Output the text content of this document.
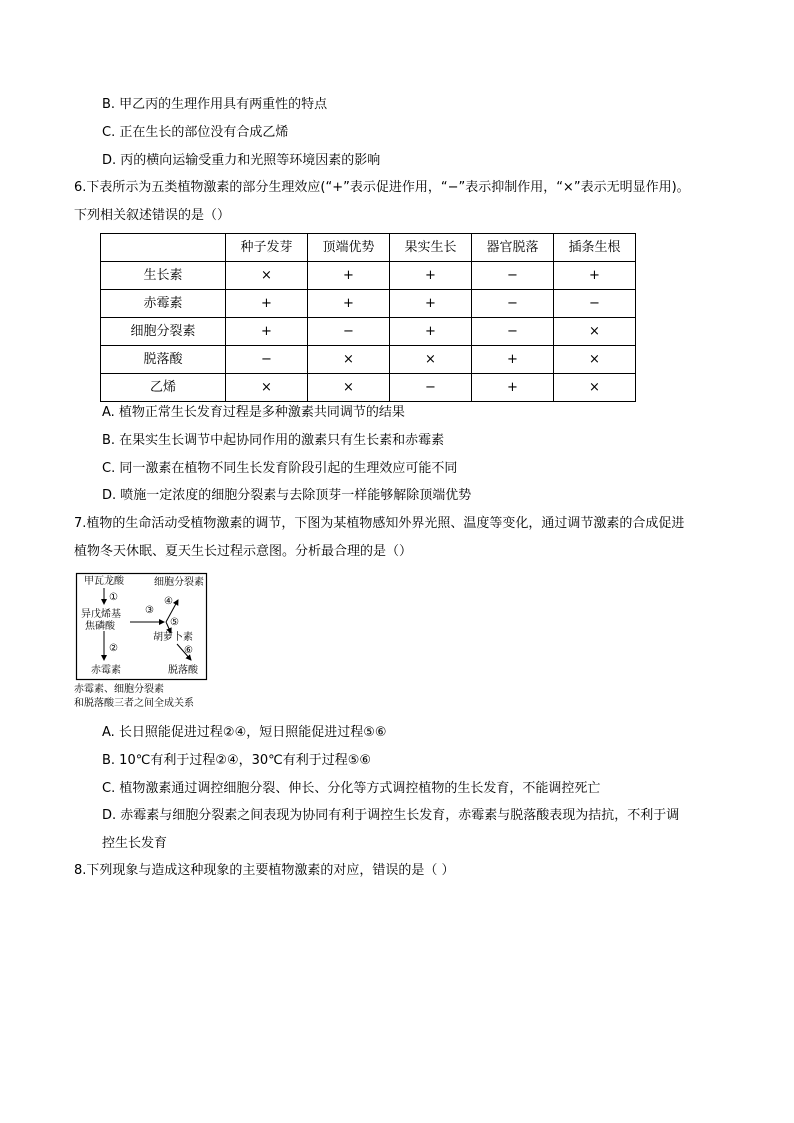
B. 甲乙丙的生理作用具有两重性的特点
C. 正在生长的部位没有合成乙烯
D. 丙的横向运输受重力和光照等环境因素的影响
6.下表所示为五类植物激素的部分生理效应(“+”表示促进作用，“−”表示抑制作用，“×”表示无明显作用)。
下列相关叙述错误的是（）
	种子发芽	顶端优势	果实生长	器官脱落	插条生根
生长素	×	+	+	−	+
赤霉素	+	+	+	−	−
细胞分裂素	+	−	+	−	×
脱落酸	−	×	×	+	×
乙烯	×	×	−	+	×
A. 植物正常生长发育过程是多种激素共同调节的结果
B. 在果实生长调节中起协同作用的激素只有生长素和赤霉素
C. 同一激素在植物不同生长发育阶段引起的生理效应可能不同
D. 喷施一定浓度的细胞分裂素与去除顶芽一样能够解除顶端优势
7.植物的生命活动受植物激素的调节，下图为某植物感知外界光照、温度等变化，通过调节激素的合成促进
植物冬天休眠、夏天生长过程示意图。分析最合理的是（）
甲瓦龙酸	细胞分裂素
①
异戊烯基
焦磷酸
③
④
⑤
胡萝卜素
②	⑥
赤霉素	脱落酸
赤霉素、细胞分裂素
和脱落酸三者之间全成关系
A. 长日照能促进过程②④，短日照能促进过程⑤⑥
B. 10℃有利于过程②④，30℃有利于过程⑤⑥
C. 植物激素通过调控细胞分裂、伸长、分化等方式调控植物的生长发育，不能调控死亡
D. 赤霉素与细胞分裂素之间表现为协同有利于调控生长发育，赤霉素与脱落酸表现为拮抗，不利于调
控生长发育
8.下列现象与造成这种现象的主要植物激素的对应，错误的是（ ）
